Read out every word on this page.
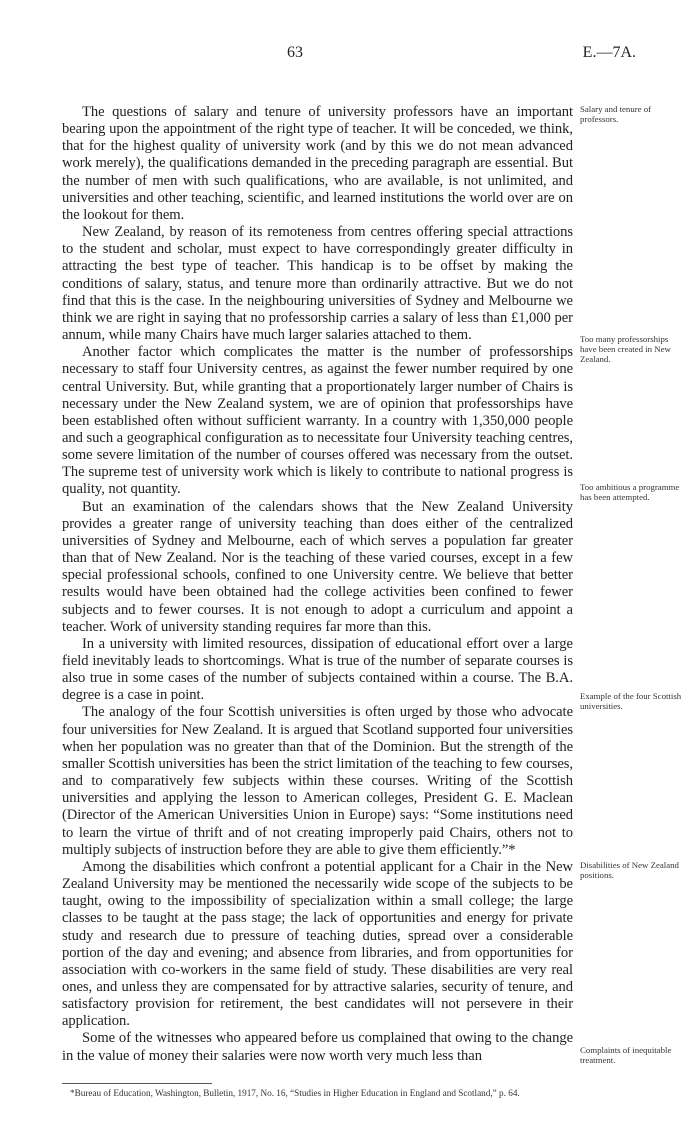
63	E.—7A.

The questions of salary and tenure of university professors have an important bearing upon the appointment of the right type of teacher. It will be conceded, we think, that for the highest quality of university work (and by this we do not mean advanced work merely), the qualifications demanded in the preceding paragraph are essential. But the number of men with such qualifications, who are available, is not unlimited, and universities and other teaching, scientific, and learned institutions the world over are on the lookout for them.

New Zealand, by reason of its remoteness from centres offering special attractions to the student and scholar, must expect to have correspondingly greater difficulty in attracting the best type of teacher. This handicap is to be offset by making the conditions of salary, status, and tenure more than ordinarily attractive. But we do not find that this is the case. In the neighbouring universities of Sydney and Melbourne we think we are right in saying that no professorship carries a salary of less than £1,000 per annum, while many Chairs have much larger salaries attached to them.

Another factor which complicates the matter is the number of professorships necessary to staff four University centres, as against the fewer number required by one central University. But, while granting that a proportionately larger number of Chairs is necessary under the New Zealand system, we are of opinion that professorships have been established often without sufficient warranty. In a country with 1,350,000 people and such a geographical configuration as to necessitate four University teaching centres, some severe limitation of the number of courses offered was necessary from the outset. The supreme test of university work which is likely to contribute to national progress is quality, not quantity.

But an examination of the calendars shows that the New Zealand University provides a greater range of university teaching than does either of the centralized universities of Sydney and Melbourne, each of which serves a population far greater than that of New Zealand. Nor is the teaching of these varied courses, except in a few special professional schools, confined to one University centre. We believe that better results would have been obtained had the college activities been confined to fewer subjects and to fewer courses. It is not enough to adopt a curriculum and appoint a teacher. Work of university standing requires far more than this.

In a university with limited resources, dissipation of educational effort over a large field inevitably leads to shortcomings. What is true of the number of separate courses is also true in some cases of the number of subjects contained within a course. The B.A. degree is a case in point.

The analogy of the four Scottish universities is often urged by those who advocate four universities for New Zealand. It is argued that Scotland supported four universities when her population was no greater than that of the Dominion. But the strength of the smaller Scottish universities has been the strict limitation of the teaching to few courses, and to comparatively few subjects within these courses. Writing of the Scottish universities and applying the lesson to American colleges, President G. E. Maclean (Director of the American Universities Union in Europe) says: “Some institutions need to learn the virtue of thrift and of not creating improperly paid Chairs, others not to multiply subjects of instruction before they are able to give them efficiently.”*

Among the disabilities which confront a potential applicant for a Chair in the New Zealand University may be mentioned the necessarily wide scope of the subjects to be taught, owing to the impossibility of specialization within a small college; the large classes to be taught at the pass stage; the lack of opportunities and energy for private study and research due to pressure of teaching duties, spread over a considerable portion of the day and evening; and absence from libraries, and from opportunities for association with co-workers in the same field of study. These disabilities are very real ones, and unless they are compensated for by attractive salaries, security of tenure, and satisfactory provision for retirement, the best candidates will not persevere in their application.

Some of the witnesses who appeared before us complained that owing to the change in the value of money their salaries were now worth very much less than

Salary and tenure of professors.
Too many professorships have been created in New Zealand.
Too ambitious a programme has been attempted.
Example of the four Scottish universities.
Disabilities of New Zealand positions.
Complaints of inequitable treatment.

*Bureau of Education, Washington, Bulletin, 1917, No. 16, “Studies in Higher Education in England and Scotland,” p. 64.
